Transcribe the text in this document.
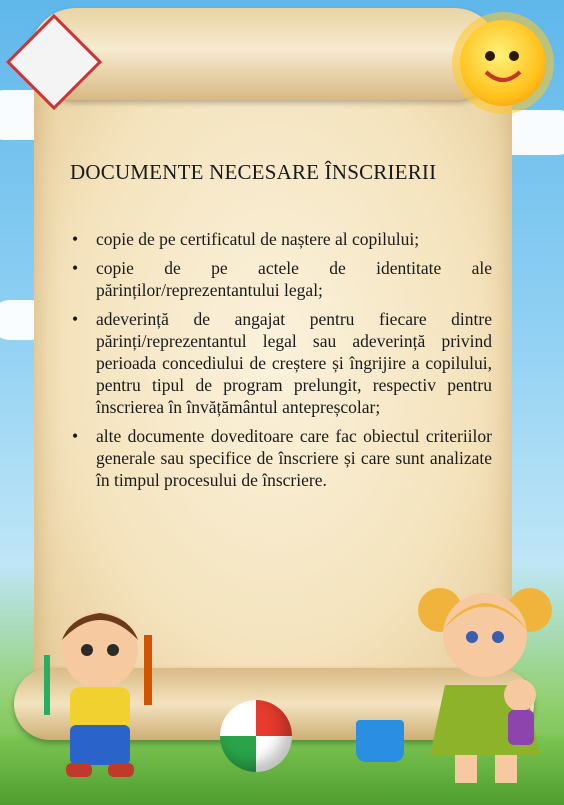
DOCUMENTE NECESARE ÎNSCRIERII
• copie de pe certificatul de naștere al copilului;
• copie de pe actele de identitate ale părinților/reprezentantului legal;
• adeverință de angajat pentru fiecare dintre părinți/reprezentantul legal sau adeverință privind perioada concediului de creștere și îngrijire a copilului, pentru tipul de program prelungit, respectiv pentru înscrierea în învățământul antepreșcolar;
• alte documente doveditoare care fac obiectul criteriilor generale sau specifice de înscriere și care sunt analizate în timpul procesului de înscriere.
